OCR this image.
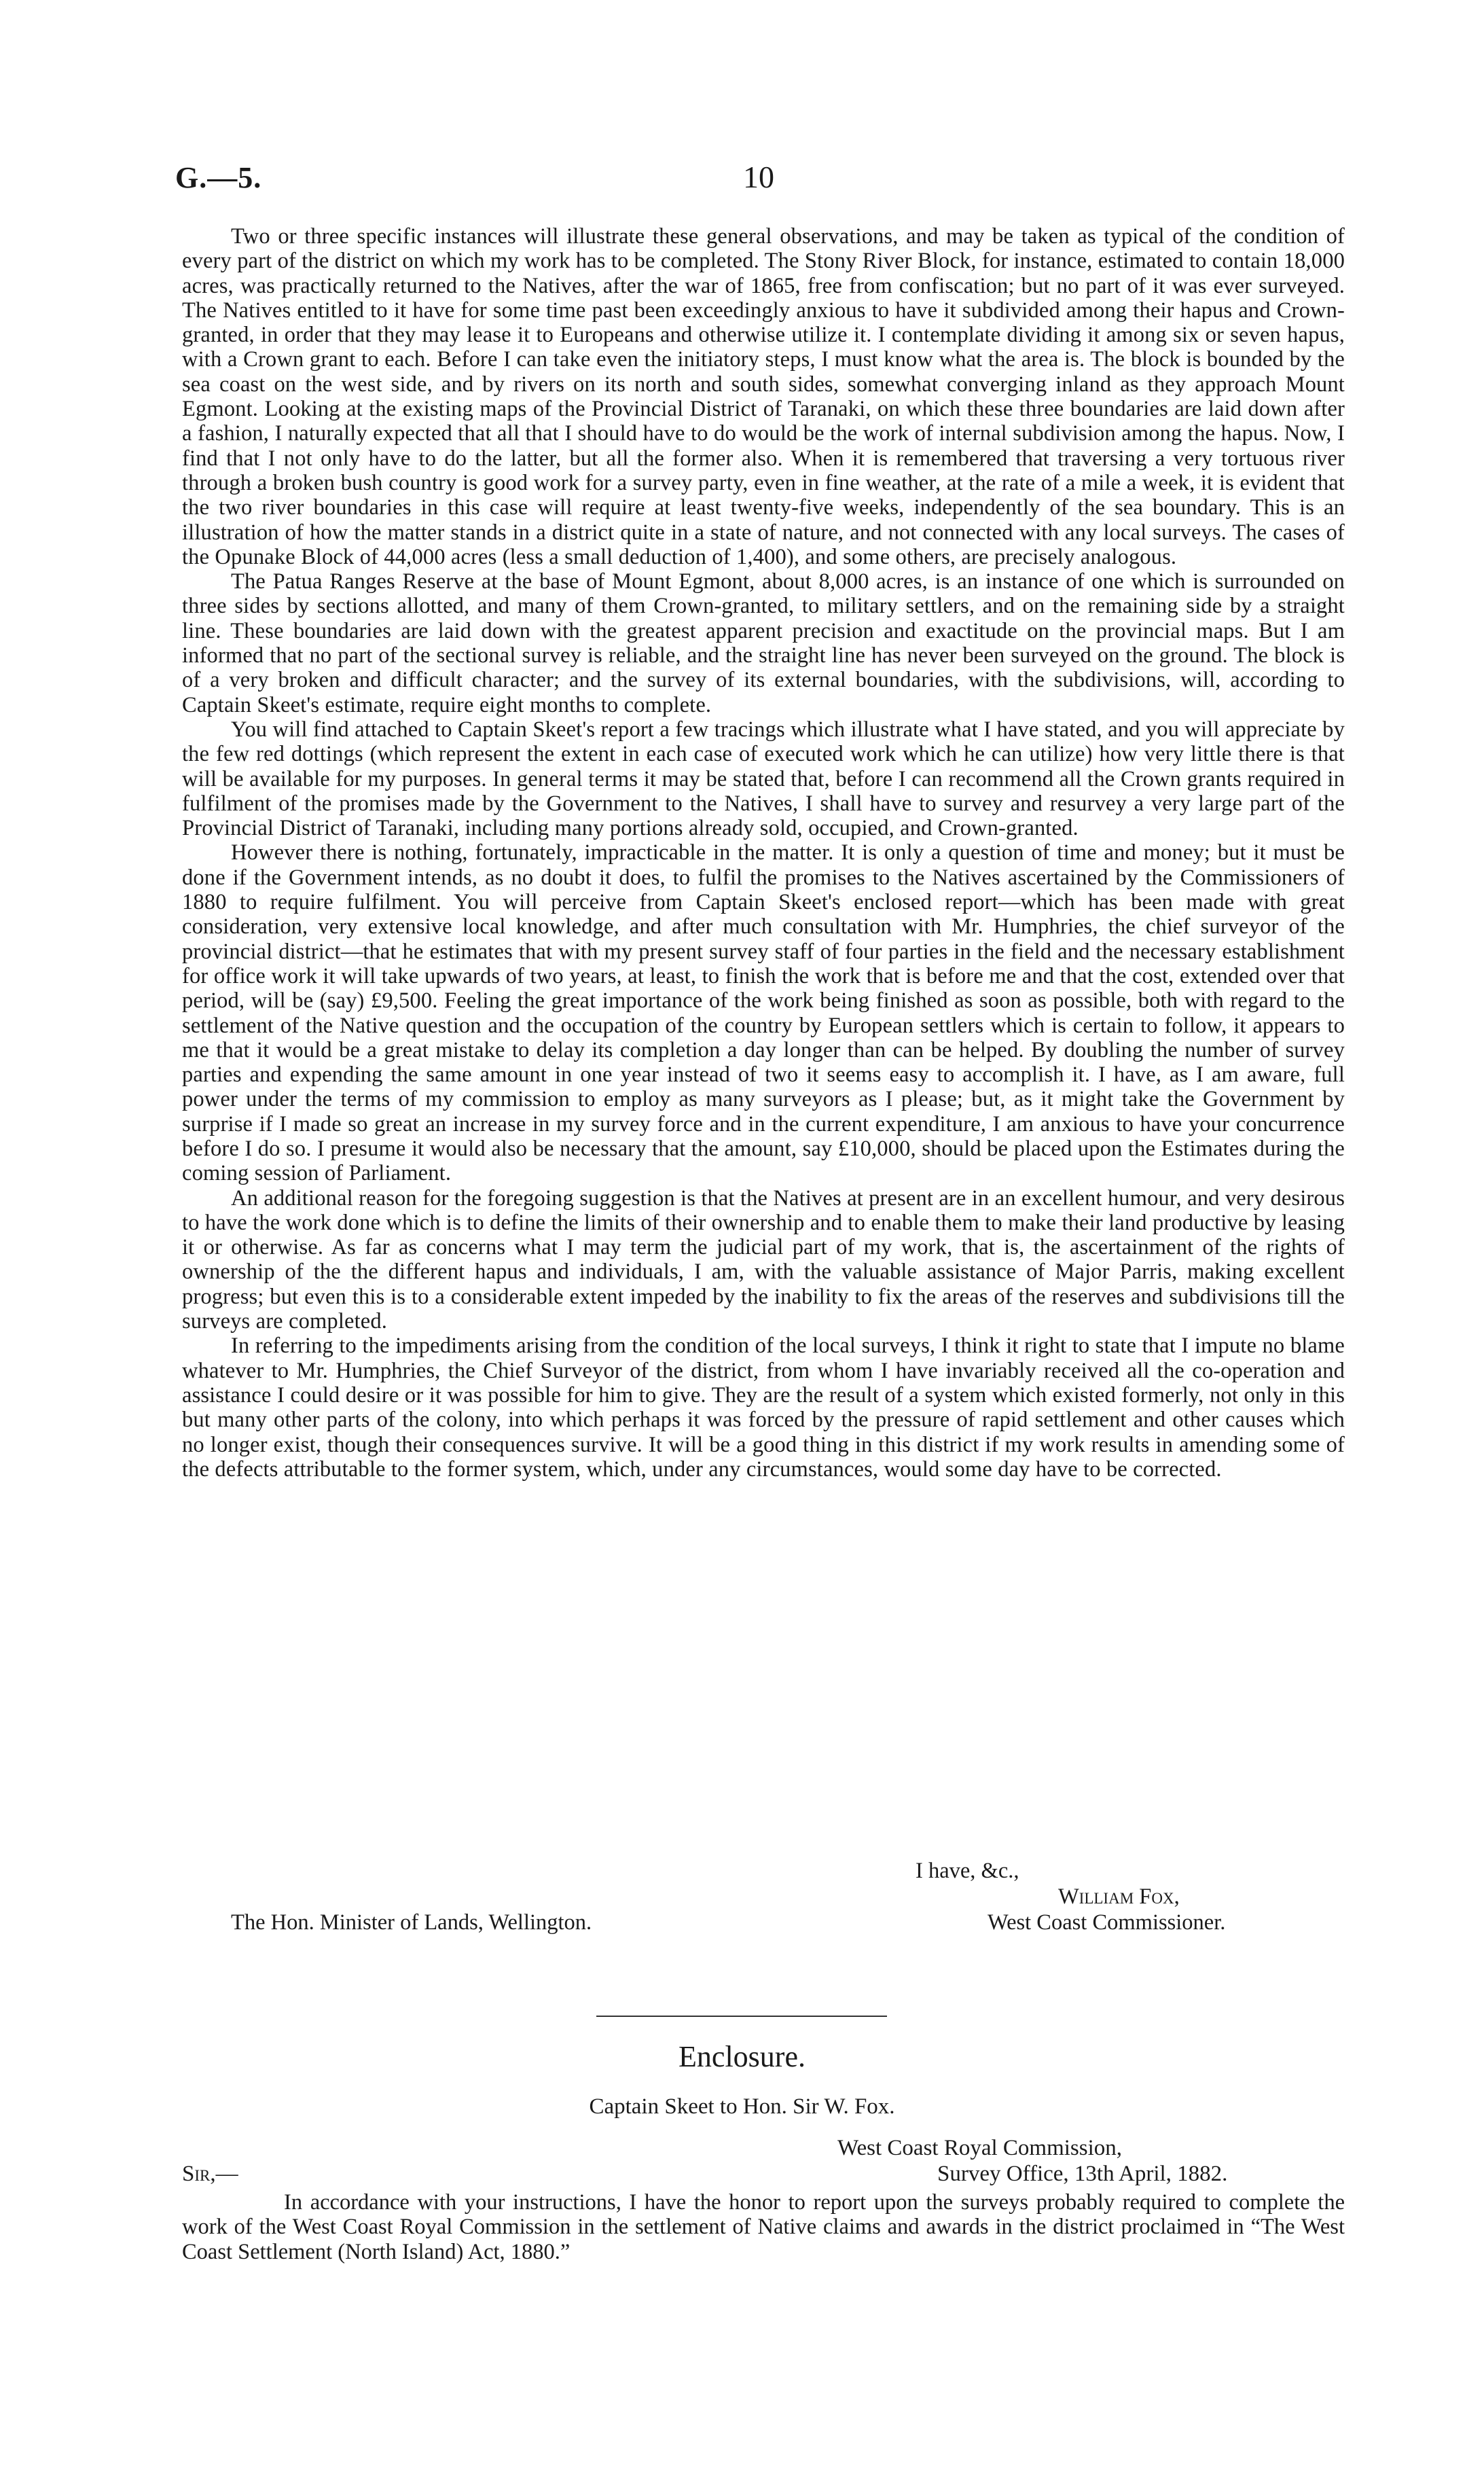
G.—5.	10

Two or three specific instances will illustrate these general observations, and may be taken as typical of the condition of every part of the district on which my work has to be completed. The Stony River Block, for instance, estimated to contain 18,000 acres, was practically returned to the Natives, after the war of 1865, free from confiscation; but no part of it was ever surveyed. The Natives entitled to it have for some time past been exceedingly anxious to have it subdivided among their hapus and Crown-granted, in order that they may lease it to Europeans and otherwise utilize it. I contemplate dividing it among six or seven hapus, with a Crown grant to each. Before I can take even the initiatory steps, I must know what the area is. The block is bounded by the sea coast on the west side, and by rivers on its north and south sides, somewhat converging inland as they approach Mount Egmont. Looking at the existing maps of the Provincial District of Taranaki, on which these three boundaries are laid down after a fashion, I naturally expected that all that I should have to do would be the work of internal subdivision among the hapus. Now, I find that I not only have to do the latter, but all the former also. When it is remembered that traversing a very tortuous river through a broken bush country is good work for a survey party, even in fine weather, at the rate of a mile a week, it is evident that the two river boundaries in this case will require at least twenty-five weeks, independently of the sea boundary. This is an illustration of how the matter stands in a district quite in a state of nature, and not connected with any local surveys. The cases of the Opunake Block of 44,000 acres (less a small deduction of 1,400), and some others, are precisely analogous.

The Patua Ranges Reserve at the base of Mount Egmont, about 8,000 acres, is an instance of one which is surrounded on three sides by sections allotted, and many of them Crown-granted, to military settlers, and on the remaining side by a straight line. These boundaries are laid down with the greatest apparent precision and exactitude on the provincial maps. But I am informed that no part of the sectional survey is reliable, and the straight line has never been surveyed on the ground. The block is of a very broken and difficult character; and the survey of its external boundaries, with the subdivisions, will, according to Captain Skeet's estimate, require eight months to complete.

You will find attached to Captain Skeet's report a few tracings which illustrate what I have stated, and you will appreciate by the few red dottings (which represent the extent in each case of executed work which he can utilize) how very little there is that will be available for my purposes. In general terms it may be stated that, before I can recommend all the Crown grants required in fulfilment of the promises made by the Government to the Natives, I shall have to survey and resurvey a very large part of the Provincial District of Taranaki, including many portions already sold, occupied, and Crown-granted.

However there is nothing, fortunately, impracticable in the matter. It is only a question of time and money; but it must be done if the Government intends, as no doubt it does, to fulfil the promises to the Natives ascertained by the Commissioners of 1880 to require fulfilment. You will perceive from Captain Skeet's enclosed report—which has been made with great consideration, very extensive local knowledge, and after much consultation with Mr. Humphries, the chief surveyor of the provincial district—that he estimates that with my present survey staff of four parties in the field and the necessary establishment for office work it will take upwards of two years, at least, to finish the work that is before me and that the cost, extended over that period, will be (say) £9,500. Feeling the great importance of the work being finished as soon as possible, both with regard to the settlement of the Native question and the occupation of the country by European settlers which is certain to follow, it appears to me that it would be a great mistake to delay its completion a day longer than can be helped. By doubling the number of survey parties and expending the same amount in one year instead of two it seems easy to accomplish it. I have, as I am aware, full power under the terms of my commission to employ as many surveyors as I please; but, as it might take the Government by surprise if I made so great an increase in my survey force and in the current expenditure, I am anxious to have your concurrence before I do so. I presume it would also be necessary that the amount, say £10,000, should be placed upon the Estimates during the coming session of Parliament.

An additional reason for the foregoing suggestion is that the Natives at present are in an excellent humour, and very desirous to have the work done which is to define the limits of their ownership and to enable them to make their land productive by leasing it or otherwise. As far as concerns what I may term the judicial part of my work, that is, the ascertainment of the rights of ownership of the the different hapus and individuals, I am, with the valuable assistance of Major Parris, making excellent progress; but even this is to a considerable extent impeded by the inability to fix the areas of the reserves and subdivisions till the surveys are completed.

In referring to the impediments arising from the condition of the local surveys, I think it right to state that I impute no blame whatever to Mr. Humphries, the Chief Surveyor of the district, from whom I have invariably received all the co-operation and assistance I could desire or it was possible for him to give. They are the result of a system which existed formerly, not only in this but many other parts of the colony, into which perhaps it was forced by the pressure of rapid settlement and other causes which no longer exist, though their consequences survive. It will be a good thing in this district if my work results in amending some of the defects attributable to the former system, which, under any circumstances, would some day have to be corrected.

I have, &c.,
William Fox,
The Hon. Minister of Lands, Wellington.	West Coast Commissioner.
Enclosure.
Captain Skeet to Hon. Sir W. Fox.
West Coast Royal Commission,
Sir,—	Survey Office, 13th April, 1882.

In accordance with your instructions, I have the honor to report upon the surveys probably required to complete the work of the West Coast Royal Commission in the settlement of Native claims and awards in the district proclaimed in “The West Coast Settlement (North Island) Act, 1880.”
